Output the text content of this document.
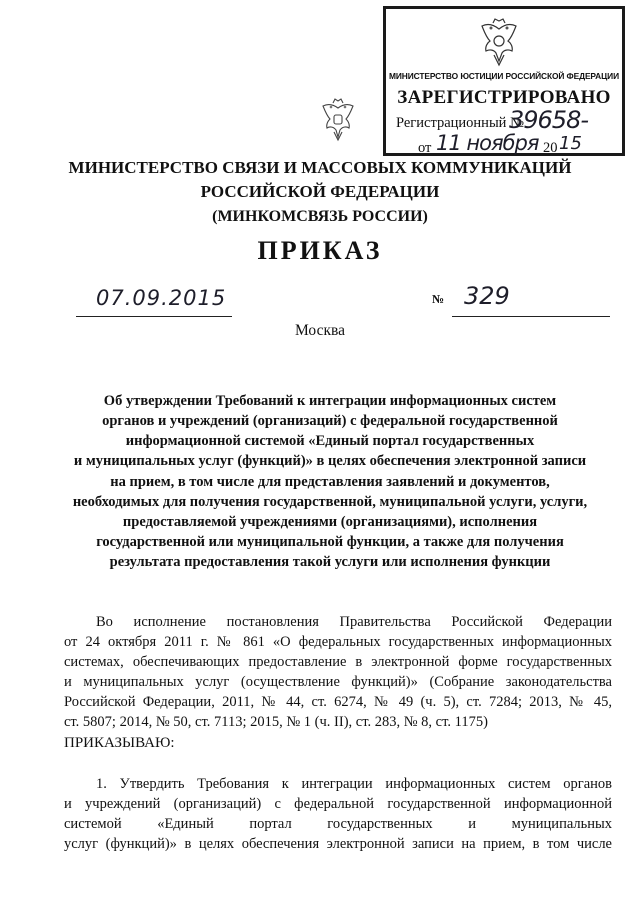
МИНИСТЕРСТВО ЮСТИЦИИ РОССИЙСКОЙ ФЕДЕРАЦИИ
ЗАРЕГИСТРИРОВАНО
Регистрационный №
39658-
от 11 ноября 20 15
МИНИСТЕРСТВО СВЯЗИ И МАССОВЫХ КОММУНИКАЦИЙ
РОССИЙСКОЙ ФЕДЕРАЦИИ
(МИНКОМСВЯЗЬ РОССИИ)
ПРИКАЗ
07.09.2015	№ 329
Москва
Об утверждении Требований к интеграции информационных систем
органов и учреждений (организаций) с федеральной государственной
информационной системой «Единый портал государственных
и муниципальных услуг (функций)» в целях обеспечения электронной записи
на прием, в том числе для представления заявлений и документов,
необходимых для получения государственной, муниципальной услуги, услуги,
предоставляемой учреждениями (организациями), исполнения
государственной или муниципальной функции, а также для получения
результата предоставления такой услуги или исполнения функции
Во исполнение постановления Правительства Российской Федерации
от 24 октября 2011 г. № 861 «О федеральных государственных информационных
системах, обеспечивающих предоставление в электронной форме государственных
и муниципальных услуг (осуществление функций)» (Собрание законодательства
Российской Федерации, 2011, № 44, ст. 6274, № 49 (ч. 5), ст. 7284; 2013, № 45,
ст. 5807; 2014, № 50, ст. 7113; 2015, № 1 (ч. II), ст. 283, № 8, ст. 1175)
ПРИКАЗЫВАЮ:
1. Утвердить Требования к интеграции информационных систем органов
и учреждений (организаций) с федеральной государственной информационной
системой «Единый портал государственных и муниципальных
услуг (функций)» в целях обеспечения электронной записи на прием, в том числе
